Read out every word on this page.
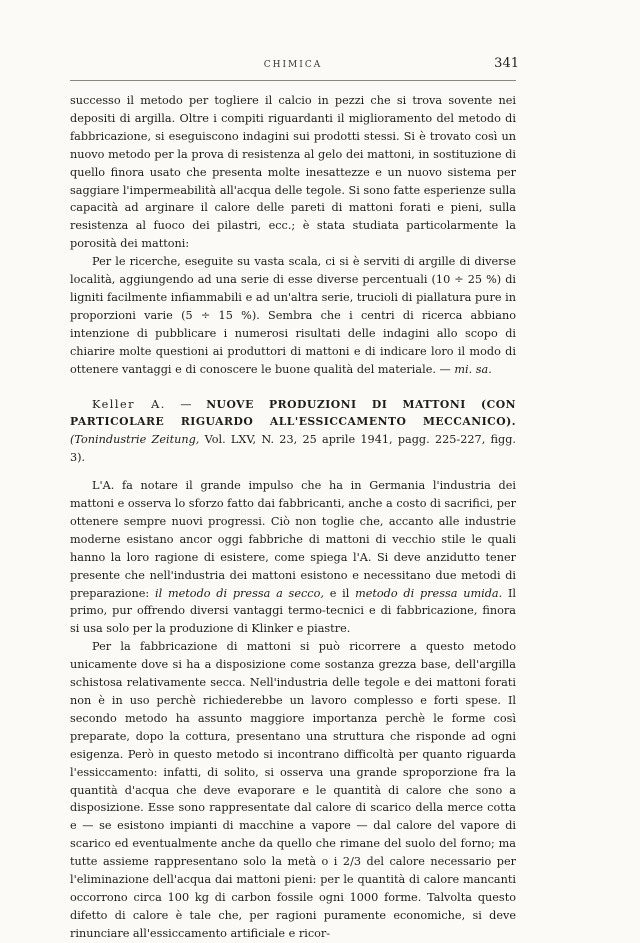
CHIMICA	341

successo il metodo per togliere il calcio in pezzi che si trova sovente nei depositi di argilla. Oltre i compiti riguardanti il miglioramento del metodo di fabbricazione, si eseguiscono indagini sui prodotti stessi. Si è trovato così un nuovo metodo per la prova di resistenza al gelo dei mattoni, in sostituzione di quello finora usato che presenta molte inesattezze e un nuovo sistema per saggiare l'impermeabilità all'acqua delle tegole. Si sono fatte esperienze sulla capacità ad arginare il calore delle pareti di mattoni forati e pieni, sulla resistenza al fuoco dei pilastri, ecc.; è stata studiata particolarmente la porosità dei mattoni:

Per le ricerche, eseguite su vasta scala, ci si è serviti di argille di diverse località, aggiungendo ad una serie di esse diverse percentuali (10 ÷ 25 %) di ligniti facilmente infiammabili e ad un'altra serie, trucioli di piallatura pure in proporzioni varie (5 ÷ 15 %). Sembra che i centri di ricerca abbiano intenzione di pubblicare i numerosi risultati delle indagini allo scopo di chiarire molte questioni ai produttori di mattoni e di indicare loro il modo di ottenere vantaggi e di conoscere le buone qualità del materiale. — mi. sa.

Keller A. — NUOVE PRODUZIONI DI MATTONI (CON PARTICOLARE RIGUARDO ALL'ESSICCAMENTO MECCANICO). (Tonindustrie Zeitung, Vol. LXV, N. 23, 25 aprile 1941, pagg. 225-227, figg. 3).

L'A. fa notare il grande impulso che ha in Germania l'industria dei mattoni e osserva lo sforzo fatto dai fabbricanti, anche a costo di sacrifici, per ottenere sempre nuovi progressi. Ciò non toglie che, accanto alle industrie moderne esistano ancor oggi fabbriche di mattoni di vecchio stile le quali hanno la loro ragione di esistere, come spiega l'A. Si deve anzidutto tener presente che nell'industria dei mattoni esistono e necessitano due metodi di preparazione: il metodo di pressa a secco, e il metodo di pressa umida. Il primo, pur offrendo diversi vantaggi termo-tecnici e di fabbricazione, finora si usa solo per la produzione di Klinker e piastre.

Per la fabbricazione di mattoni si può ricorrere a questo metodo unicamente dove si ha a disposizione come sostanza grezza base, dell'argilla schistosa relativamente secca. Nell'industria delle tegole e dei mattoni forati non è in uso perchè richiederebbe un lavoro complesso e forti spese. Il secondo metodo ha assunto maggiore importanza perchè le forme così preparate, dopo la cottura, presentano una struttura che risponde ad ogni esigenza. Però in questo metodo si incontrano difficoltà per quanto riguarda l'essiccamento: infatti, di solito, si osserva una grande sproporzione fra la quantità d'acqua che deve evaporare e le quantità di calore che sono a disposizione. Esse sono rappresentate dal calore di scarico della merce cotta e — se esistono impianti di macchine a vapore — dal calore del vapore di scarico ed eventualmente anche da quello che rimane del suolo del forno; ma tutte assieme rappresentano solo la metà o i 2/3 del calore necessario per l'eliminazione dell'acqua dai mattoni pieni: per le quantità di calore mancanti occorrono circa 100 kg di carbon fossile ogni 1000 forme. Talvolta questo difetto di calore è tale che, per ragioni puramente economiche, si deve rinunciare all'essiccamento artificiale e ricor-
